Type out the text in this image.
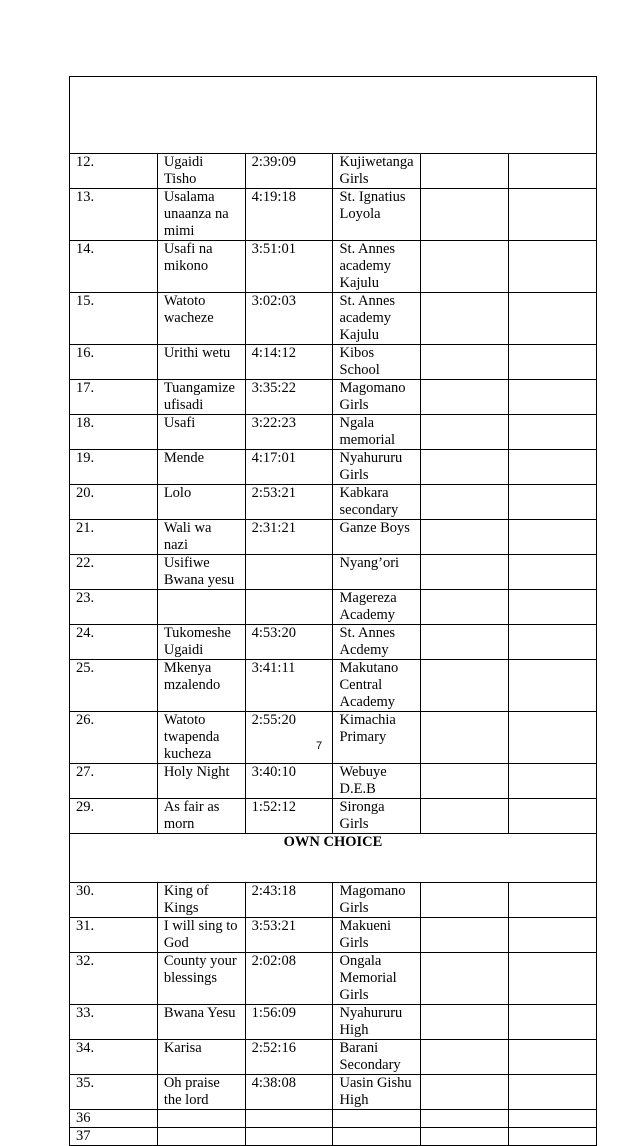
12.	Ugaidi Tisho	2:39:09	Kujiwetanga Girls		
13.	Usalama unaanza na mimi	4:19:18	St. Ignatius Loyola		
14.	Usafi na mikono	3:51:01	St. Annes academy Kajulu		
15.	Watoto wacheze	3:02:03	St. Annes academy Kajulu		
16.	Urithi wetu	4:14:12	Kibos School		
17.	Tuangamize ufisadi	3:35:22	Magomano Girls		
18.	Usafi	3:22:23	Ngala memorial		
19.	Mende	4:17:01	Nyahururu Girls		
20.	Lolo	2:53:21	Kabkara secondary		
21.	Wali wa nazi	2:31:21	Ganze Boys		
22.	Usifiwe Bwana yesu		Nyang’ori		
23.			Magereza Academy		
24.	Tukomeshe Ugaidi	4:53:20	St. Annes Acdemy		
25.	Mkenya mzalendo	3:41:11	Makutano Central Academy		
26.	Watoto twapenda kucheza	2:55:20	Kimachia Primary		
27.	Holy Night	3:40:10	Webuye D.E.B		
29.	As fair as morn	1:52:12	Sironga Girls		
OWN CHOICE					
30.	King of Kings	2:43:18	Magomano Girls		
31.	I will sing to God	3:53:21	Makueni Girls		
32.	County your blessings	2:02:08	Ongala Memorial Girls		
33.	Bwana Yesu	1:56:09	Nyahururu High		
34.	Karisa	2:52:16	Barani Secondary		
35.	Oh praise the lord	4:38:08	Uasin Gishu High		
36					
37					
7
